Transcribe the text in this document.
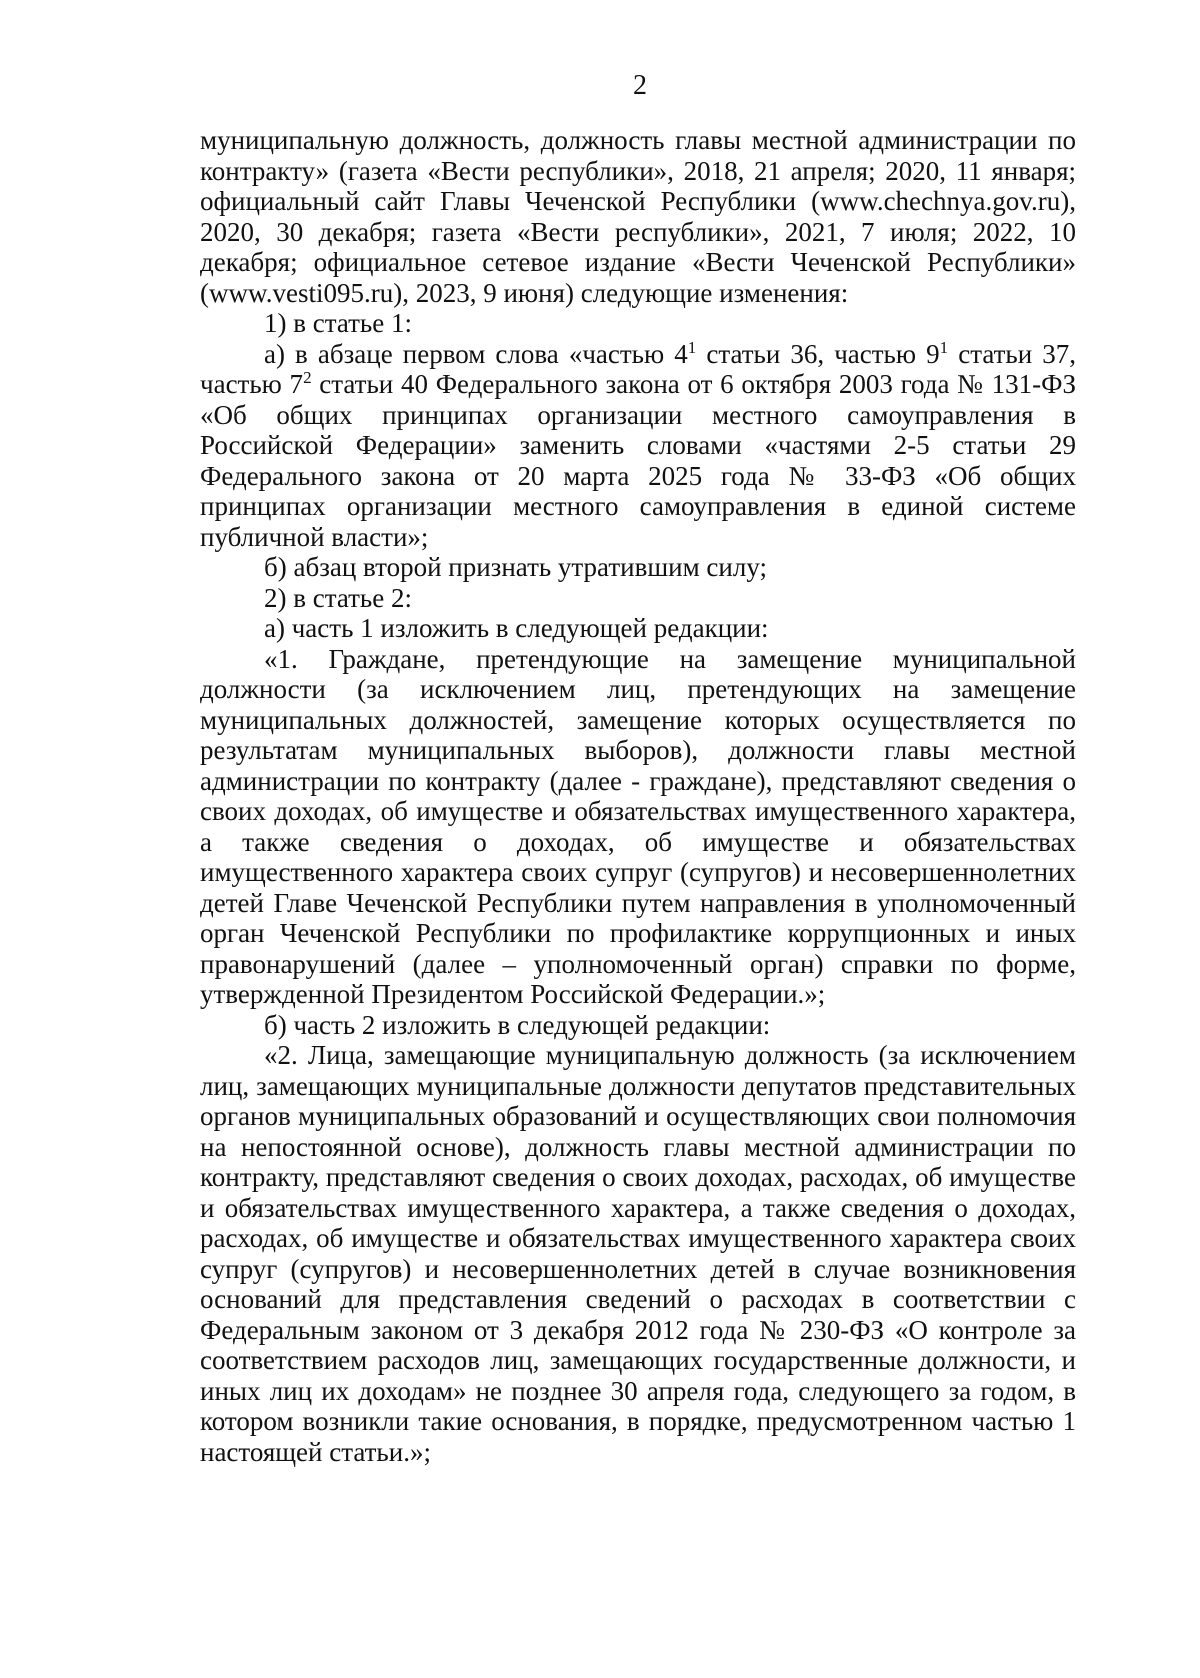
2

муниципальную должность, должность главы местной администрации по контракту» (газета «Вести республики», 2018, 21 апреля; 2020, 11 января; официальный сайт Главы Чеченской Республики (www.chechnya.gov.ru), 2020, 30 декабря; газета «Вести республики», 2021, 7 июля; 2022, 10 декабря; официальное сетевое издание «Вести Чеченской Республики» (www.vesti095.ru), 2023, 9 июня) следующие изменения:

1) в статье 1:

а) в абзаце первом слова «частью $4^1$ статьи 36, частью $9^1$ статьи 37, частью $7^2$ статьи 40 Федерального закона от 6 октября 2003 года № 131-ФЗ «Об общих принципах организации местного самоуправления в Российской Федерации» заменить словами «частями 2-5 статьи 29 Федерального закона от 20 марта 2025 года № 33-ФЗ «Об общих принципах организации местного самоуправления в единой системе публичной власти»;

б) абзац второй признать утратившим силу;

2) в статье 2:

а) часть 1 изложить в следующей редакции:

«1. Граждане, претендующие на замещение муниципальной должности (за исключением лиц, претендующих на замещение муниципальных должностей, замещение которых осуществляется по результатам муниципальных выборов), должности главы местной администрации по контракту (далее - граждане), представляют сведения о своих доходах, об имуществе и обязательствах имущественного характера, а также сведения о доходах, об имуществе и обязательствах имущественного характера своих супруг (супругов) и несовершеннолетних детей Главе Чеченской Республики путем направления в уполномоченный орган Чеченской Республики по профилактике коррупционных и иных правонарушений (далее – уполномоченный орган) справки по форме, утвержденной Президентом Российской Федерации.»;

б) часть 2 изложить в следующей редакции:

«2. Лица, замещающие муниципальную должность (за исключением лиц, замещающих муниципальные должности депутатов представительных органов муниципальных образований и осуществляющих свои полномочия на непостоянной основе), должность главы местной администрации по контракту, представляют сведения о своих доходах, расходах, об имуществе и обязательствах имущественного характера, а также сведения о доходах, расходах, об имуществе и обязательствах имущественного характера своих супруг (супругов) и несовершеннолетних детей в случае возникновения оснований для представления сведений о расходах в соответствии с Федеральным законом от 3 декабря 2012 года № 230-ФЗ «О контроле за соответствием расходов лиц, замещающих государственные должности, и иных лиц их доходам» не позднее 30 апреля года, следующего за годом, в котором возникли такие основания, в порядке, предусмотренном частью 1 настоящей статьи.»;
